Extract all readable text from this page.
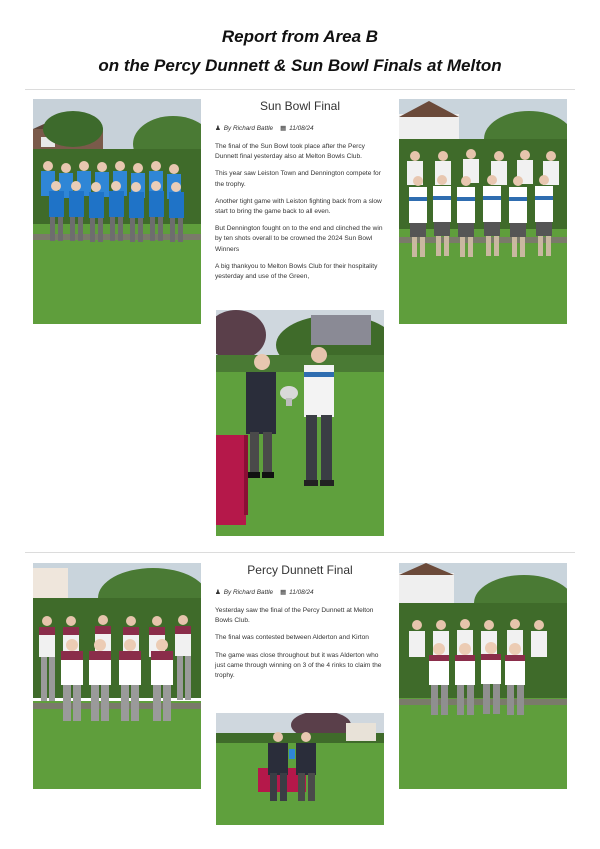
Report from Area B
on the Percy Dunnett & Sun Bowl Finals at Melton
Sun Bowl Final
♟ By Richard Battle ▦ 11/08/24

The final of the Sun Bowl took place after the Percy Dunnett final yesterday also at Melton Bowls Club.

This year saw Leiston Town and Dennington compete for the trophy.

Another tight game with Leiston fighting back from a slow start to bring the game back to all even.

But Dennington fought on to the end and clinched the win by ten shots overall to be crowned the 2024 Sun Bowl Winners

A big thankyou to Melton Bowls Club for their hospitality yesterday and use of the Green,

Percy Dunnett Final
♟ By Richard Battle ▦ 11/08/24

Yesterday saw the final of the Percy Dunnett at Melton Bowls Club.

The final was contested between Alderton and Kirton

The game was close throughout but it was Alderton who just came through winning on 3 of the 4 rinks to claim the trophy.
